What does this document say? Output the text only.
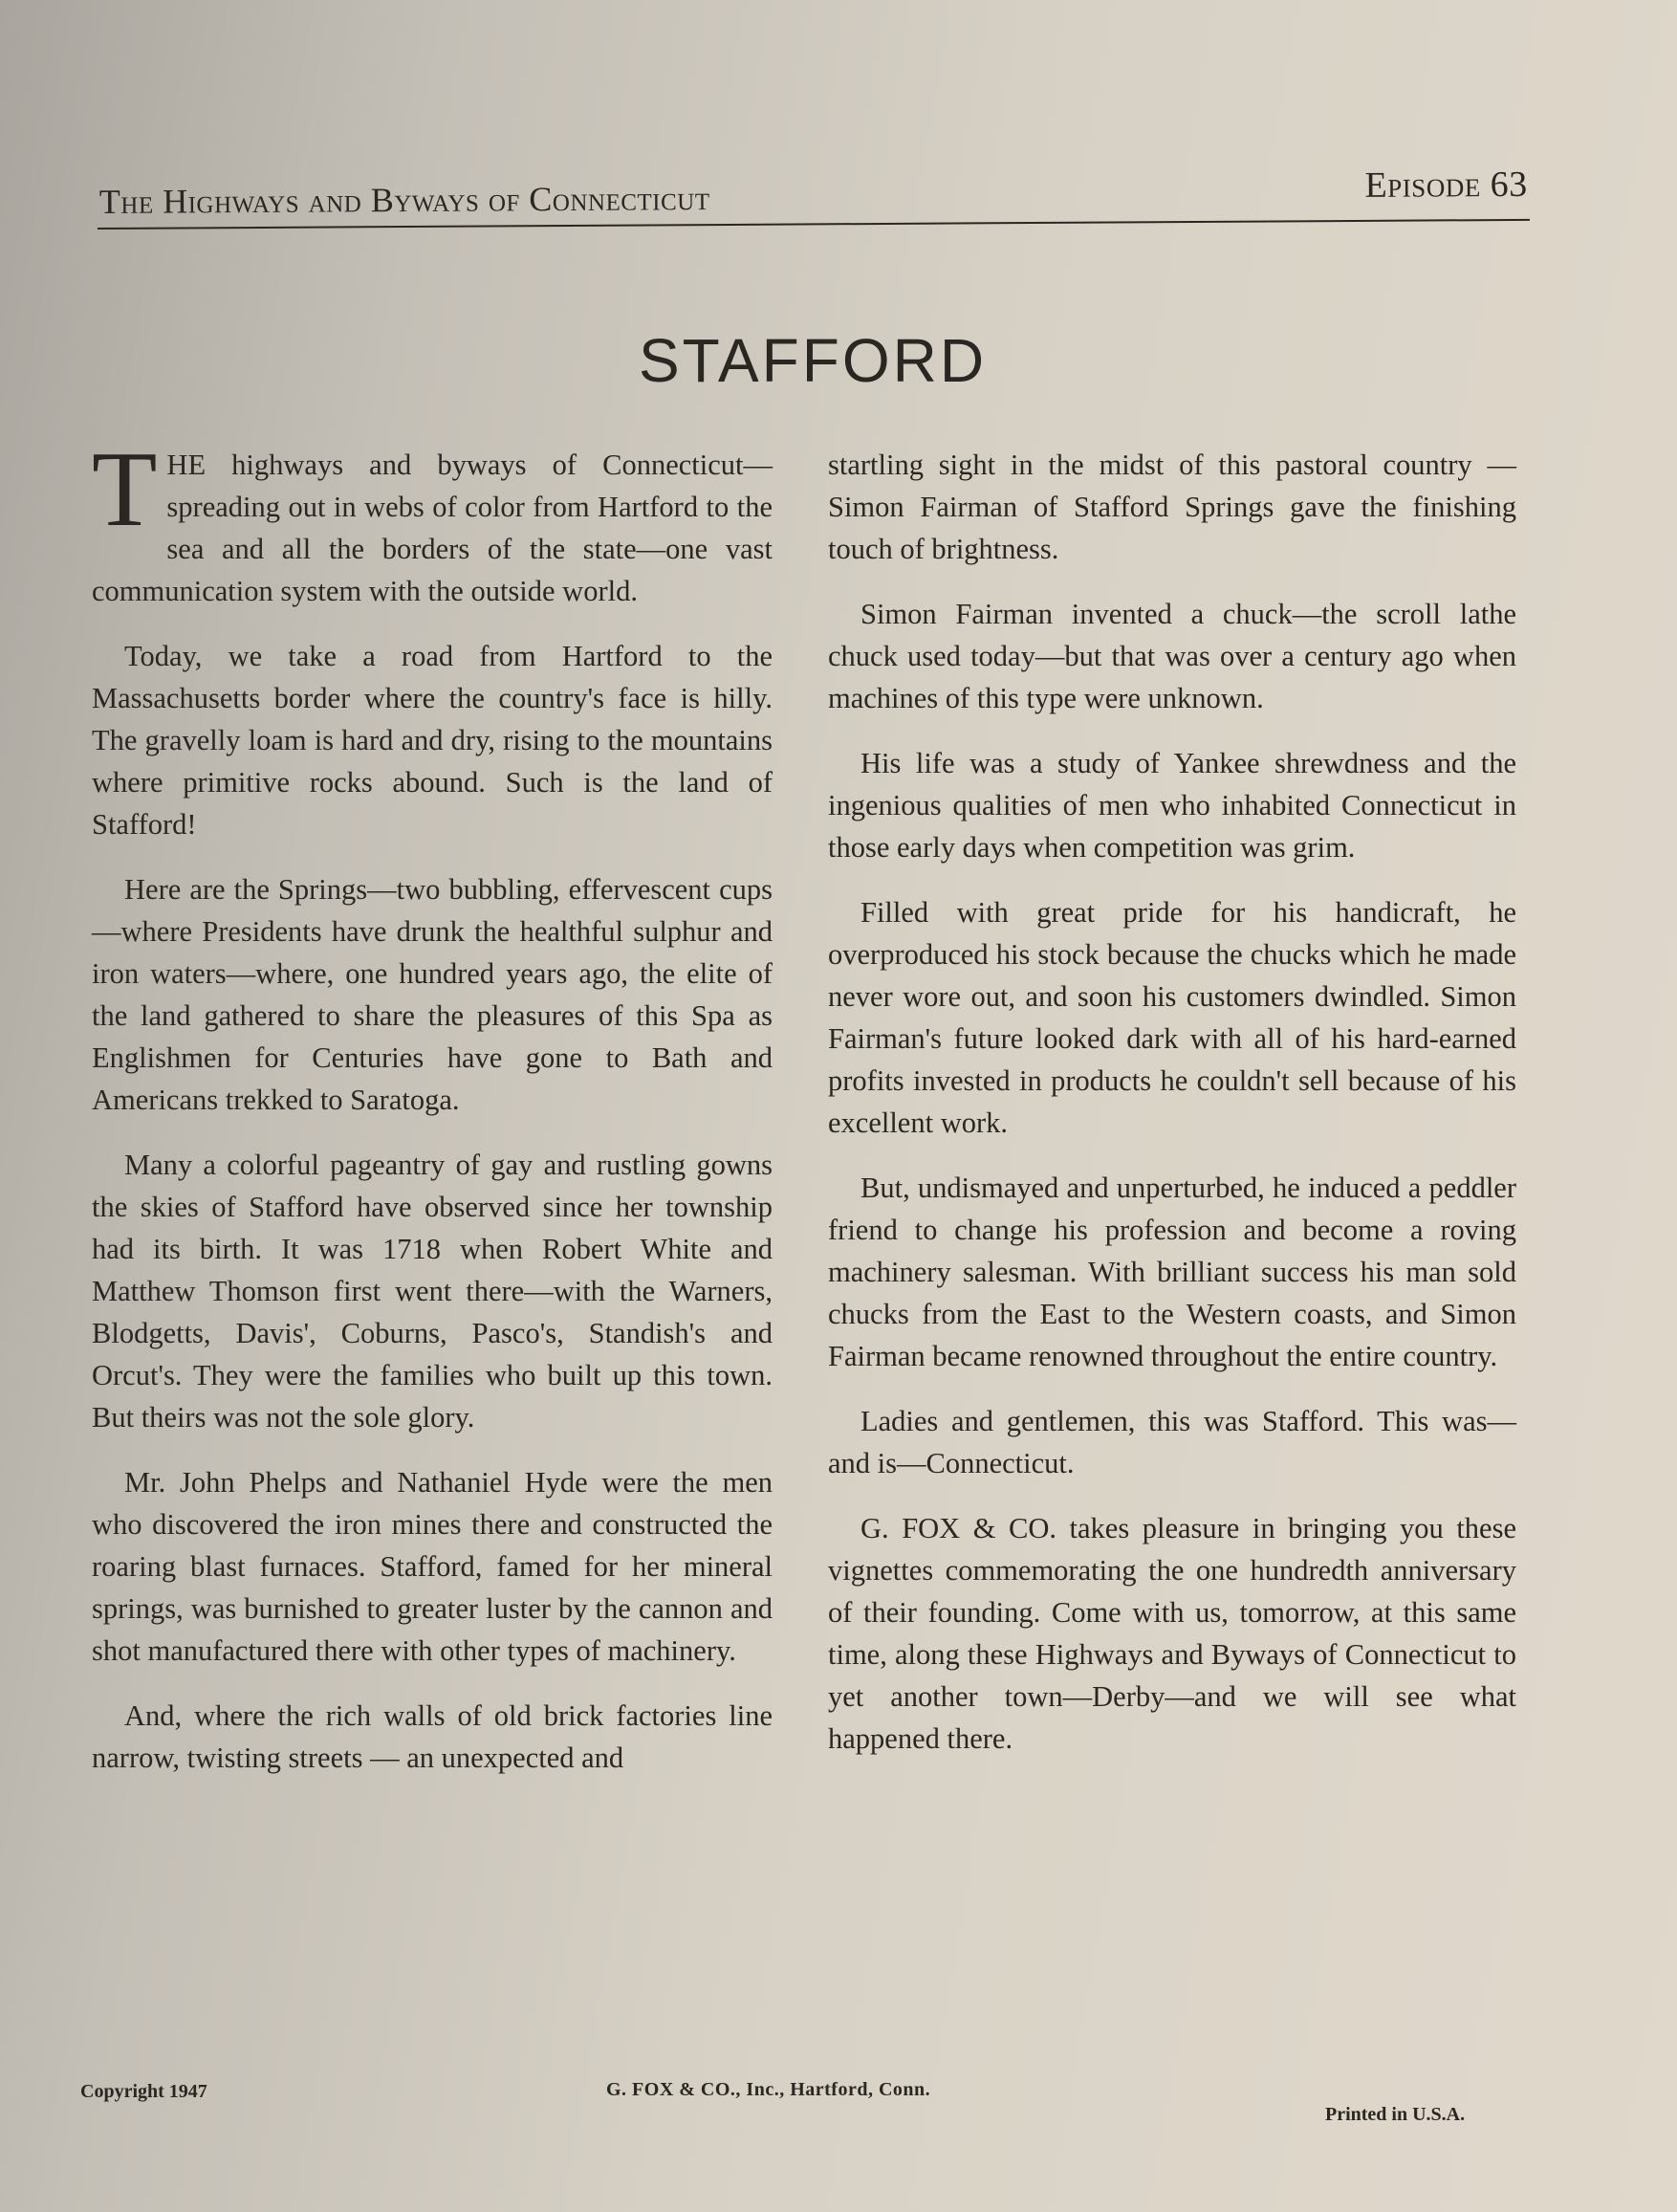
The Highways and Byways of Connecticut	Episode 63
STAFFORD

THE highways and byways of Connecticut—spreading out in webs of color from Hartford to the sea and all the borders of the state—one vast communication system with the outside world.

Today, we take a road from Hartford to the Massachusetts border where the country's face is hilly. The gravelly loam is hard and dry, rising to the mountains where primitive rocks abound. Such is the land of Stafford!

Here are the Springs—two bubbling, effervescent cups—where Presidents have drunk the healthful sulphur and iron waters—where, one hundred years ago, the elite of the land gathered to share the pleasures of this Spa as Englishmen for Centuries have gone to Bath and Americans trekked to Saratoga.

Many a colorful pageantry of gay and rustling gowns the skies of Stafford have observed since her township had its birth. It was 1718 when Robert White and Matthew Thomson first went there—with the Warners, Blodgetts, Davis', Coburns, Pasco's, Standish's and Orcut's. They were the families who built up this town. But theirs was not the sole glory.

Mr. John Phelps and Nathaniel Hyde were the men who discovered the iron mines there and constructed the roaring blast furnaces. Stafford, famed for her mineral springs, was burnished to greater luster by the cannon and shot manufactured there with other types of machinery.

And, where the rich walls of old brick factories line narrow, twisting streets — an unexpected and

startling sight in the midst of this pastoral country —Simon Fairman of Stafford Springs gave the finishing touch of brightness.

Simon Fairman invented a chuck—the scroll lathe chuck used today—but that was over a century ago when machines of this type were unknown.

His life was a study of Yankee shrewdness and the ingenious qualities of men who inhabited Connecticut in those early days when competition was grim.

Filled with great pride for his handicraft, he overproduced his stock because the chucks which he made never wore out, and soon his customers dwindled. Simon Fairman's future looked dark with all of his hard-earned profits invested in products he couldn't sell because of his excellent work.

But, undismayed and unperturbed, he induced a peddler friend to change his profession and become a roving machinery salesman. With brilliant success his man sold chucks from the East to the Western coasts, and Simon Fairman became renowned throughout the entire country.

Ladies and gentlemen, this was Stafford. This was—and is—Connecticut.

G. FOX & CO. takes pleasure in bringing you these vignettes commemorating the one hundredth anniversary of their founding. Come with us, tomorrow, at this same time, along these Highways and Byways of Connecticut to yet another town—Derby—and we will see what happened there.

Copyright 1947	G. FOX & CO., Inc., Hartford, Conn.
Printed in U.S.A.
